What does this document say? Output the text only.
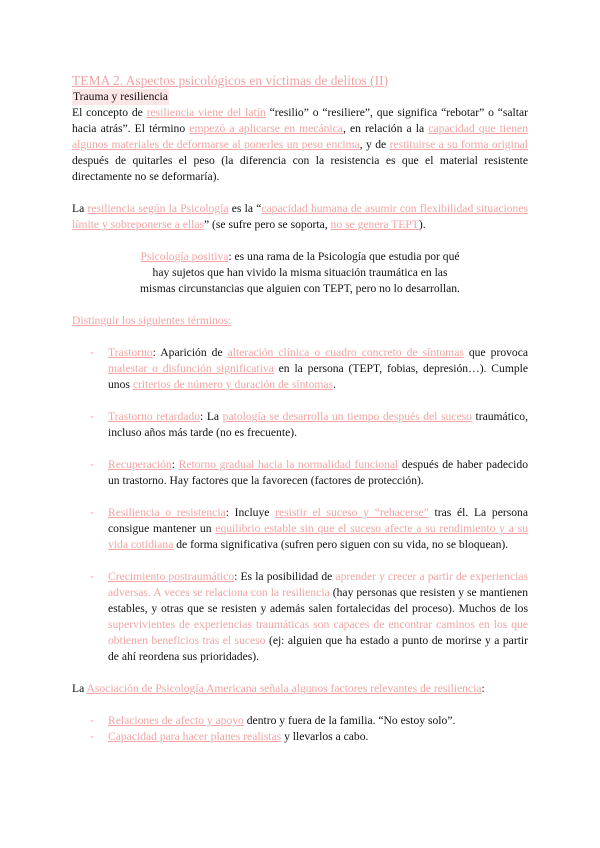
TEMA 2. Aspectos psicológicos en víctimas de delitos (II)

Trauma y resiliencia

El concepto de resiliencia viene del latín “resilio” o “resiliere”, que significa “rebotar” o “saltar hacia atrás”. El término empezó a aplicarse en mecánica, en relación a la capacidad que tienen algunos materiales de deformarse al ponerles un peso encima, y de restituirse a su forma original después de quitarles el peso (la diferencia con la resistencia es que el material resistente directamente no se deformaría).

La resiliencia según la Psicología es la “capacidad humana de asumir con flexibilidad situaciones límite y sobreponerse a ellas” (se sufre pero se soporta, no se genera TEPT).

Psicología positiva: es una rama de la Psicología que estudia por qué hay sujetos que han vivido la misma situación traumática en las mismas circunstancias que alguien con TEPT, pero no lo desarrollan.

Distinguir los siguientes términos:

- Trastorno: Aparición de alteración clínica o cuadro concreto de síntomas que provoca malestar o disfunción significativa en la persona (TEPT, fobias, depresión…). Cumple unos criterios de número y duración de síntomas.
- Trastorno retardado: La patología se desarrolla un tiempo después del suceso traumático, incluso años más tarde (no es frecuente).
- Recuperación: Retorno gradual hacia la normalidad funcional después de haber padecido un trastorno. Hay factores que la favorecen (factores de protección).
- Resiliencia o resistencia: Incluye resistir el suceso y “rehacerse” tras él. La persona consigue mantener un equilibrio estable sin que el suceso afecte a su rendimiento y a su vida cotidiana de forma significativa (sufren pero siguen con su vida, no se bloquean).
- Crecimiento postraumático: Es la posibilidad de aprender y crecer a partir de experiencias adversas. A veces se relaciona con la resiliencia (hay personas que resisten y se mantienen estables, y otras que se resisten y además salen fortalecidas del proceso). Muchos de los supervivientes de experiencias traumáticas son capaces de encontrar caminos en los que obtienen beneficios tras el suceso (ej: alguien que ha estado a punto de morirse y a partir de ahí reordena sus prioridades).

La Asociación de Psicología Americana señala algunos factores relevantes de resiliencia:

- Relaciones de afecto y apoyo dentro y fuera de la familia. “No estoy solo”.
- Capacidad para hacer planes realistas y llevarlos a cabo.
